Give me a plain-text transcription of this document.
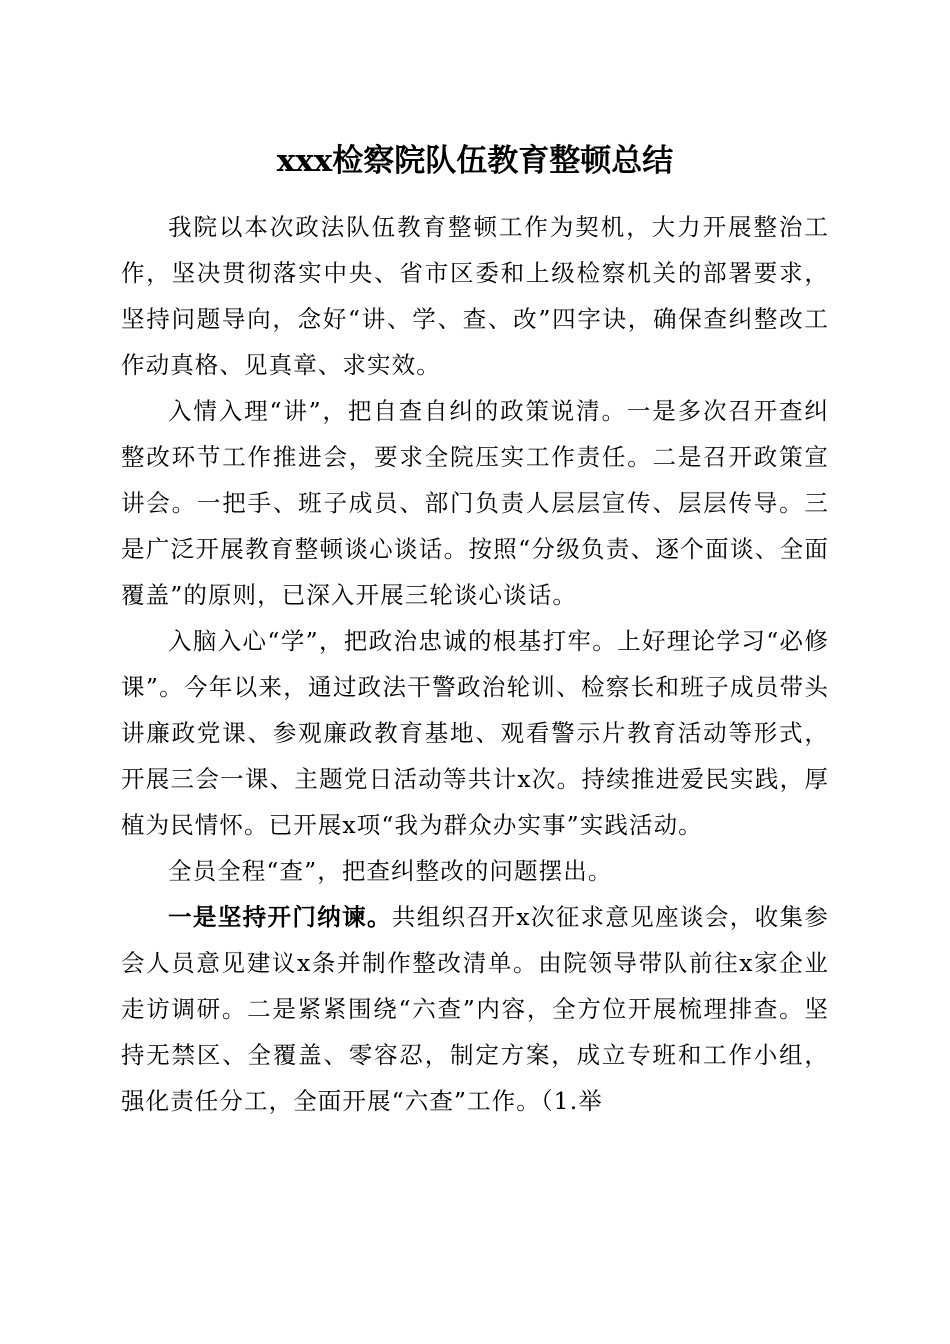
xxx检察院队伍教育整顿总结

我院以本次政法队伍教育整顿工作为契机，大力开展整治工作，坚决贯彻落实中央、省市区委和上级检察机关的部署要求，坚持问题导向，念好“讲、学、查、改”四字诀，确保查纠整改工作动真格、见真章、求实效。

入情入理“讲”，把自查自纠的政策说清。一是多次召开查纠整改环节工作推进会，要求全院压实工作责任。二是召开政策宣讲会。一把手、班子成员、部门负责人层层宣传、层层传导。三是广泛开展教育整顿谈心谈话。按照“分级负责、逐个面谈、全面覆盖”的原则，已深入开展三轮谈心谈话。

入脑入心“学”，把政治忠诚的根基打牢。上好理论学习“必修课”。今年以来，通过政法干警政治轮训、检察长和班子成员带头讲廉政党课、参观廉政教育基地、观看警示片教育活动等形式，开展三会一课、主题党日活动等共计x次。持续推进爱民实践，厚植为民情怀。已开展x项“我为群众办实事”实践活动。

全员全程“查”，把查纠整改的问题摆出。

一是坚持开门纳谏。共组织召开x次征求意见座谈会，收集参会人员意见建议x条并制作整改清单。由院领导带队前往x家企业走访调研。二是紧紧围绕“六查”内容，全方位开展梳理排查。坚持无禁区、全覆盖、零容忍，制定方案，成立专班和工作小组，强化责任分工，全面开展“六查”工作。（1.举
